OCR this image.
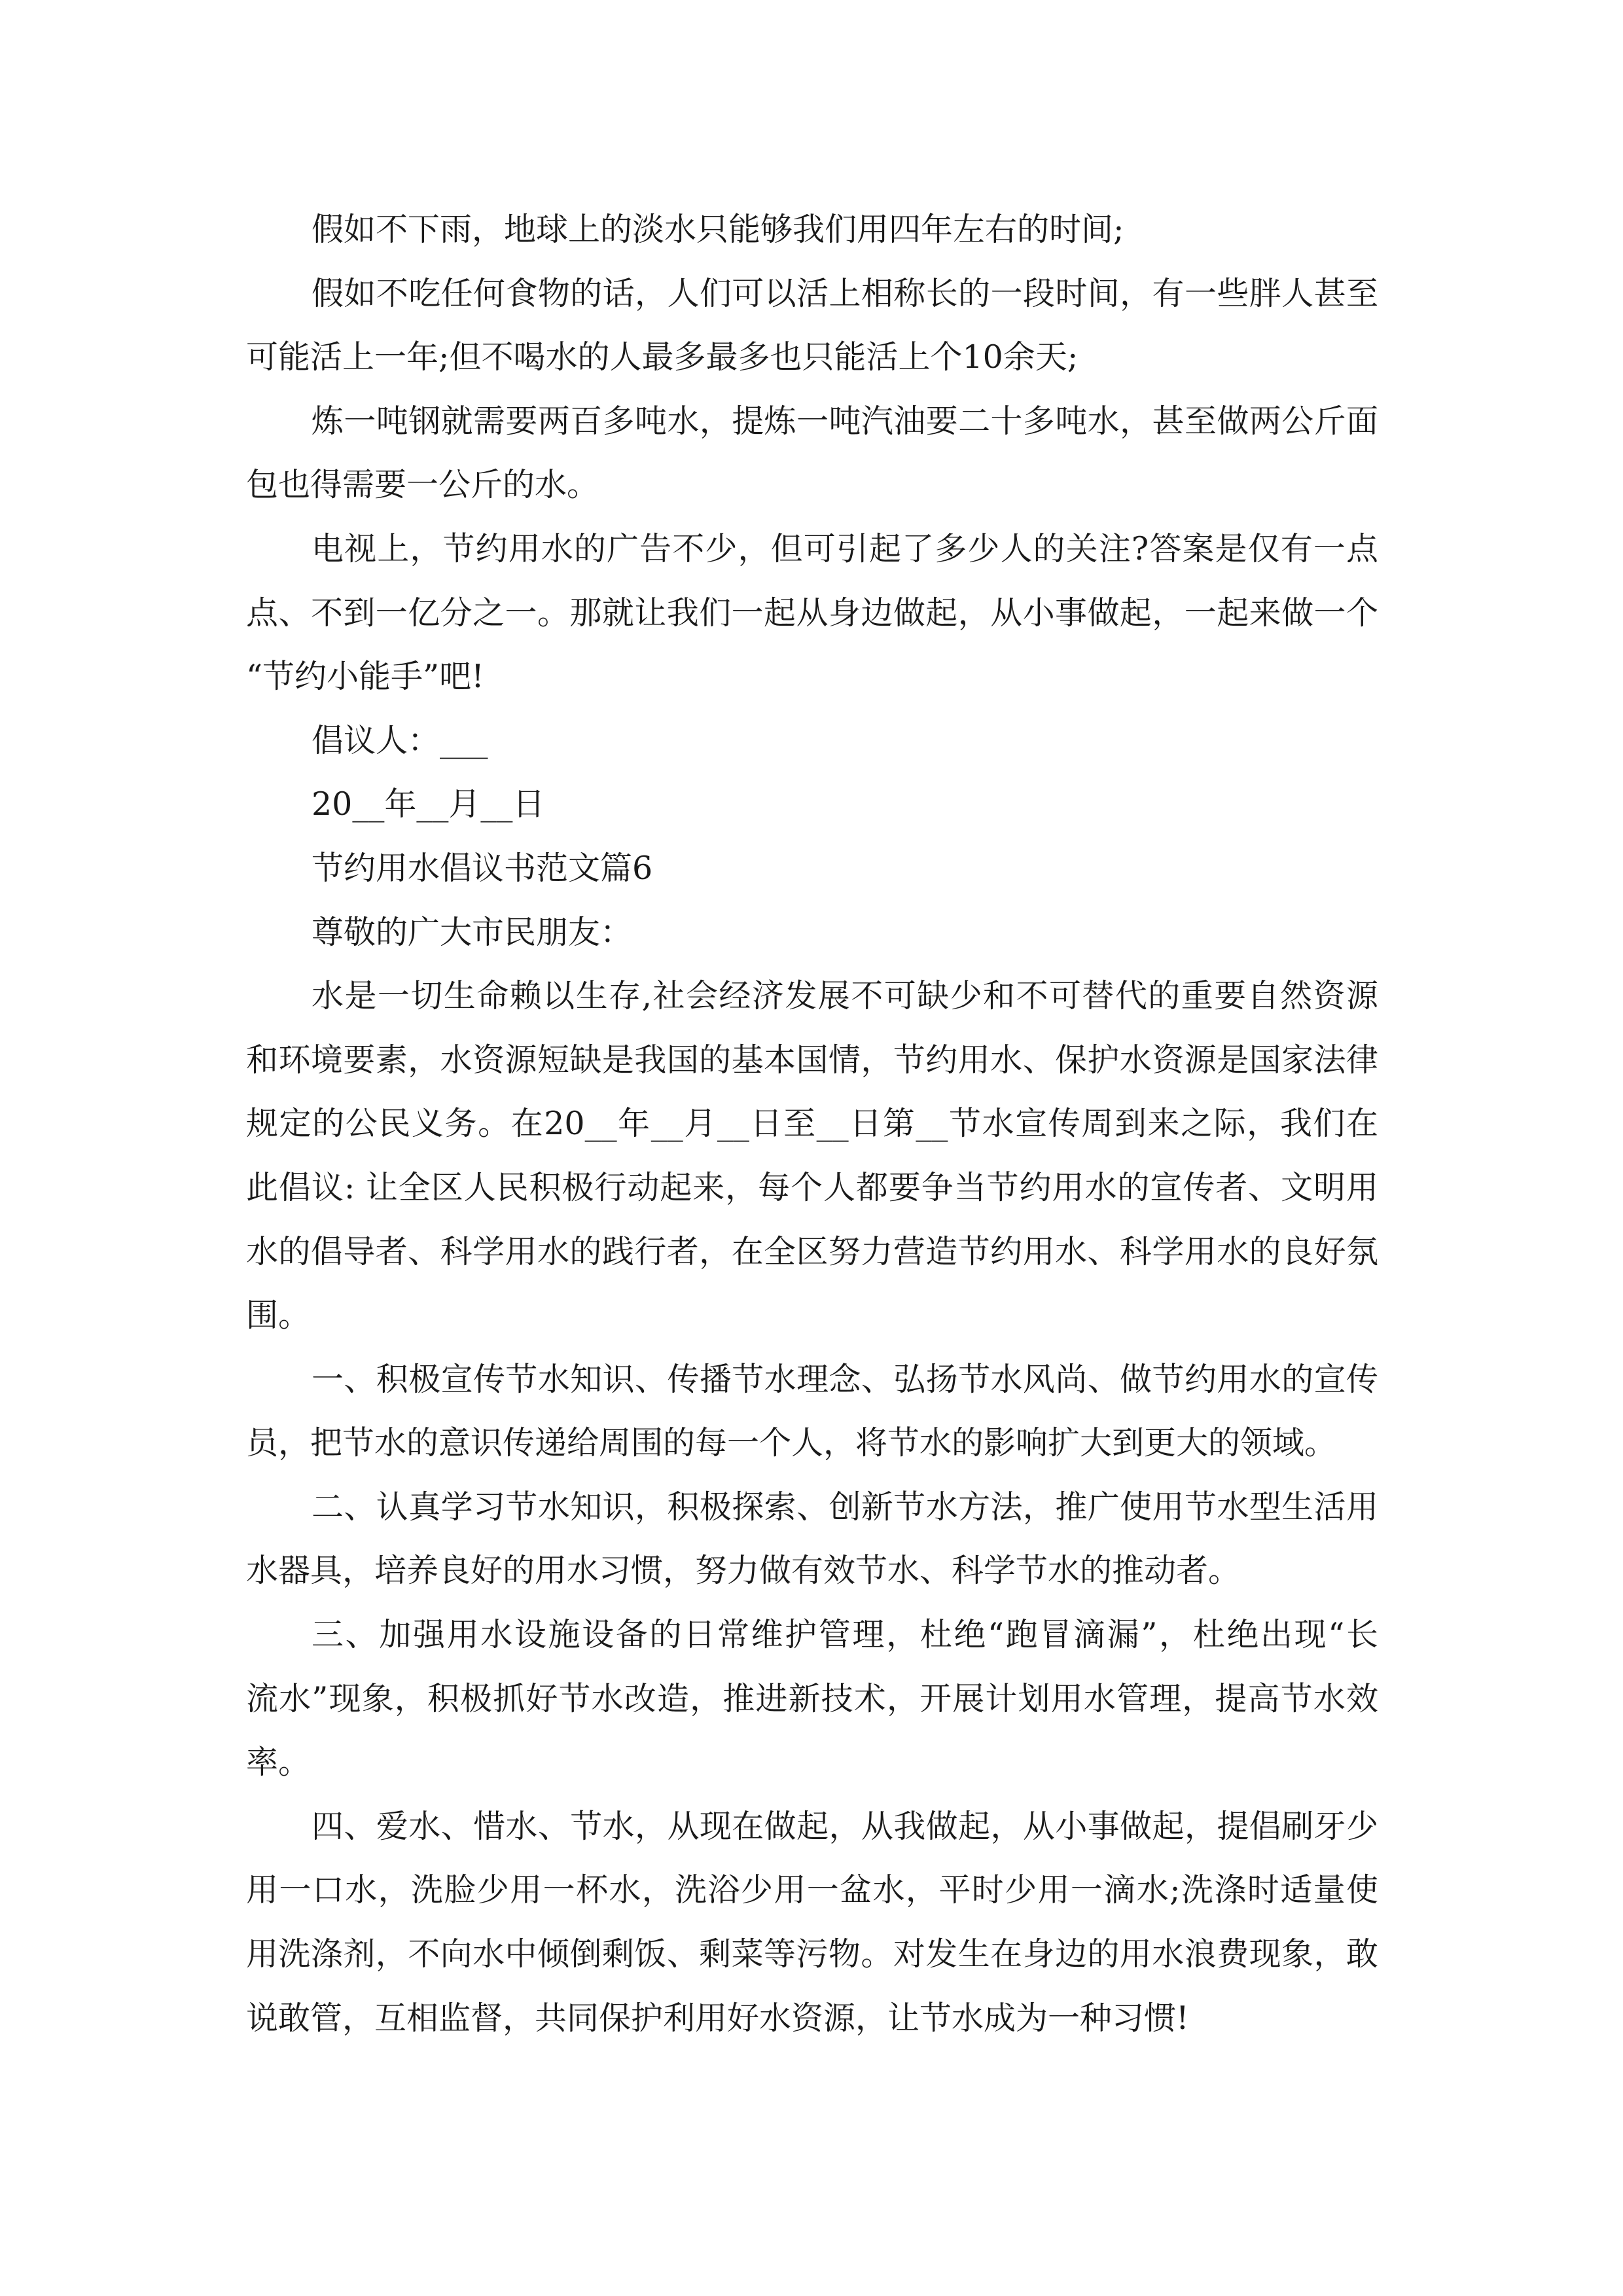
假如不下雨，地球上的淡水只能够我们用四年左右的时间;
假如不吃任何食物的话，人们可以活上相称长的一段时间，有一些胖人甚至
可能活上一年;但不喝水的人最多最多也只能活上个10余天;
炼一吨钢就需要两百多吨水，提炼一吨汽油要二十多吨水，甚至做两公斤面
包也得需要一公斤的水。
电视上，节约用水的广告不少，但可引起了多少人的关注?答案是仅有一点
点、不到一亿分之一。那就让我们一起从身边做起，从小事做起，一起来做一个
“节约小能手”吧!
倡议人：___
20__年__月__日
节约用水倡议书范文篇6
尊敬的广大市民朋友：
水是一切生命赖以生存,社会经济发展不可缺少和不可替代的重要自然资源
和环境要素，水资源短缺是我国的基本国情，节约用水、保护水资源是国家法律
规定的公民义务。在20__年__月__日至__日第__节水宣传周到来之际，我们在
此倡议: 让全区人民积极行动起来，每个人都要争当节约用水的宣传者、文明用
水的倡导者、科学用水的践行者，在全区努力营造节约用水、科学用水的良好氛
围。
一、积极宣传节水知识、传播节水理念、弘扬节水风尚、做节约用水的宣传
员，把节水的意识传递给周围的每一个人，将节水的影响扩大到更大的领域。
二、认真学习节水知识，积极探索、创新节水方法，推广使用节水型生活用
水器具，培养良好的用水习惯，努力做有效节水、科学节水的推动者。
三、加强用水设施设备的日常维护管理，杜绝“跑冒滴漏”，杜绝出现“长
流水”现象，积极抓好节水改造，推进新技术，开展计划用水管理，提高节水效
率。
四、爱水、惜水、节水，从现在做起，从我做起，从小事做起，提倡刷牙少
用一口水，洗脸少用一杯水，洗浴少用一盆水，平时少用一滴水;洗涤时适量使
用洗涤剂，不向水中倾倒剩饭、剩菜等污物。对发生在身边的用水浪费现象，敢
说敢管，互相监督，共同保护利用好水资源，让节水成为一种习惯!
